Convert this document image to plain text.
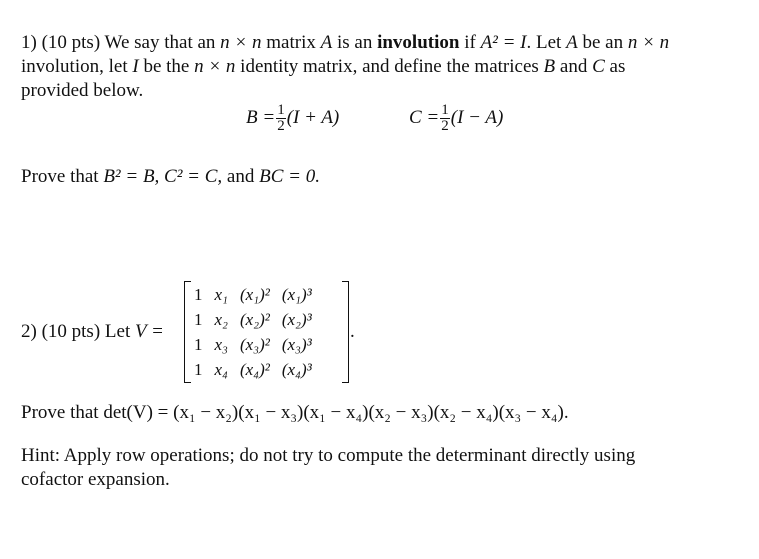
1) (10 pts) We say that an n × n matrix A is an involution if A² = I. Let A be an n × n
involution, let I be the n × n identity matrix, and define the matrices B and C as
provided below.
$B = \frac{1}{2} (I + A)$	$C = \frac{1}{2} (I - A)$
Prove that B² = B, C² = C, and BC = 0.
2) (10 pts) Let V =
1	x₁	(x₁)²	(x₁)³
1	x₂	(x₂)²	(x₂)³
1	x₃	(x₃)²	(x₃)³
1	x₄	(x₄)²	(x₄)³
.
Prove that det(V) = (x₁ − x₂)(x₁ − x₃)(x₁ − x₄)(x₂ − x₃)(x₂ − x₄)(x₃ − x₄).
Hint: Apply row operations; do not try to compute the determinant directly using
cofactor expansion.
